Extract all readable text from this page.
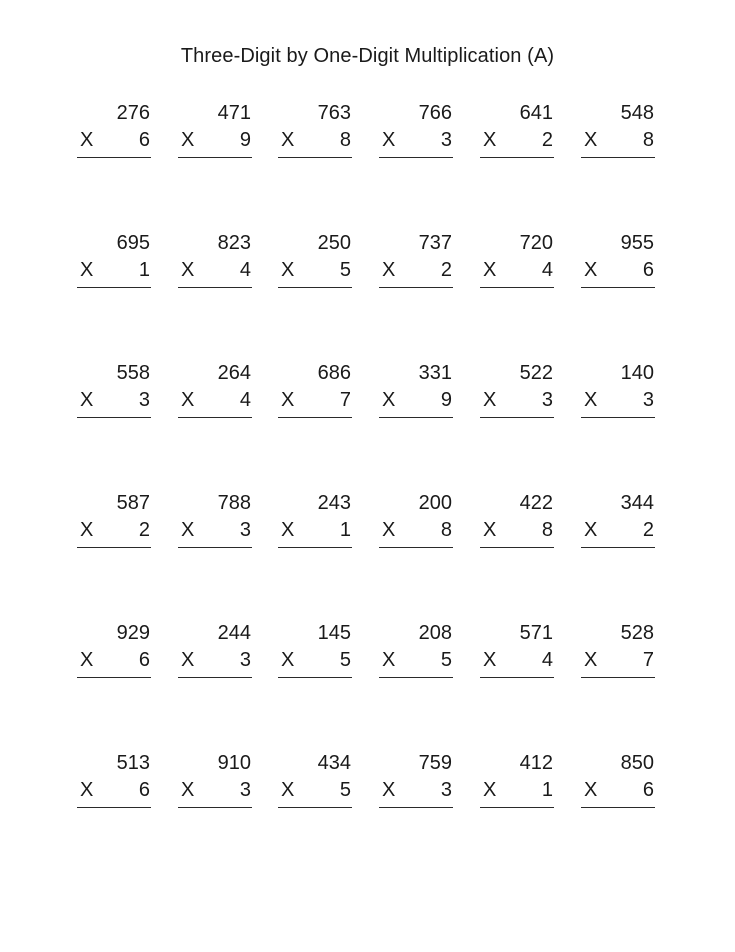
Three-Digit by One-Digit Multiplication (A)
276
X 6
471
X 9
763
X 8
766
X 3
641
X 2
548
X 8
695
X 1
823
X 4
250
X 5
737
X 2
720
X 4
955
X 6
558
X 3
264
X 4
686
X 7
331
X 9
522
X 3
140
X 3
587
X 2
788
X 3
243
X 1
200
X 8
422
X 8
344
X 2
929
X 6
244
X 3
145
X 5
208
X 5
571
X 4
528
X 7
513
X 6
910
X 3
434
X 5
759
X 3
412
X 1
850
X 6
